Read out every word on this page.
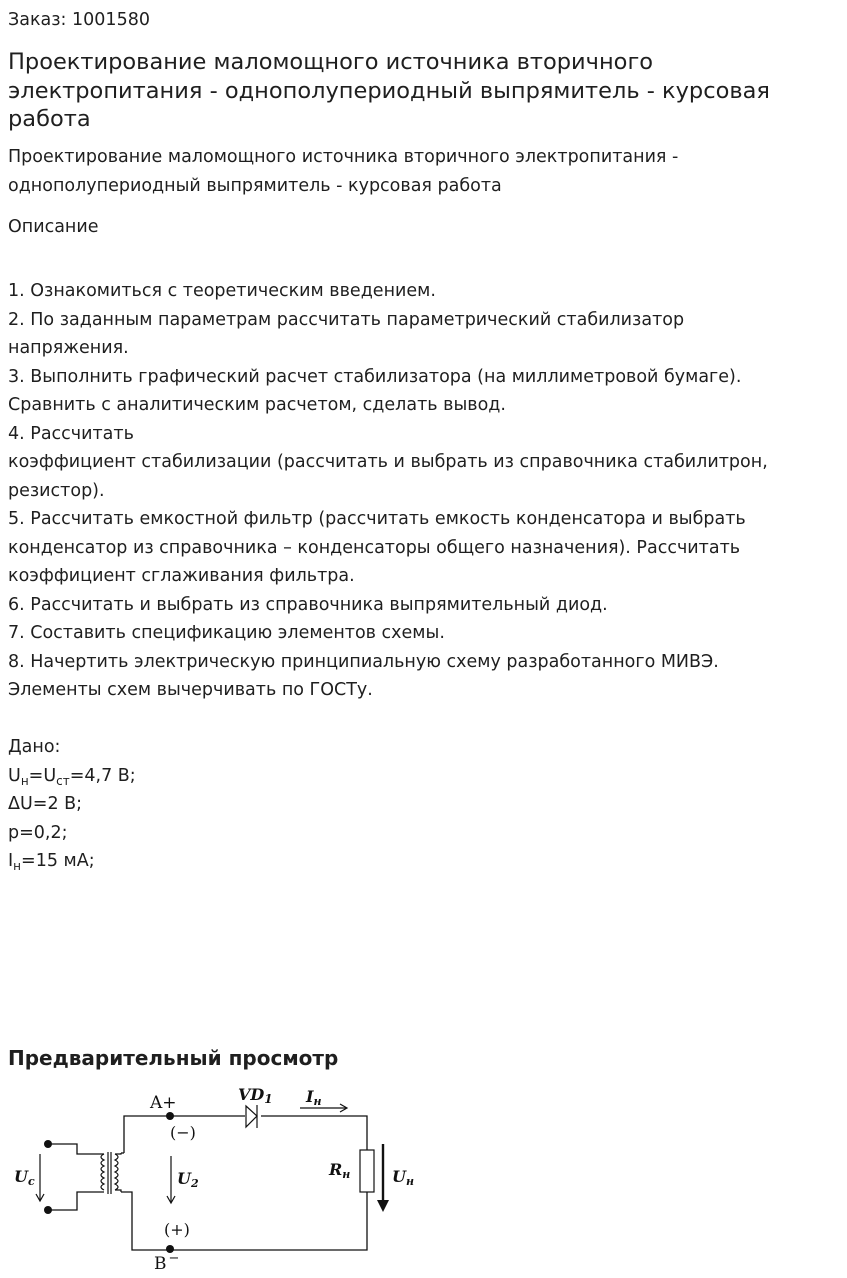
Заказ: 1001580
Проектирование маломощного источника вторичного
электропитания - однополупериодный выпрямитель - курсовая
работа
Проектирование маломощного источника вторичного электропитания -
однополупериодный выпрямитель - курсовая работа
Описание
1. Ознакомиться с теоретическим введением.
2. По заданным параметрам рассчитать параметрический стабилизатор
напряжения.
3. Выполнить графический расчет стабилизатора (на миллиметровой бумаге).
Сравнить с аналитическим расчетом, сделать вывод.
4. Рассчитать
коэффициент стабилизации (рассчитать и выбрать из справочника стабилитрон,
резистор).
5. Рассчитать емкостной фильтр (рассчитать емкость конденсатора и выбрать
конденсатор из справочника – конденсаторы общего назначения). Рассчитать
коэффициент сглаживания фильтра.
6. Рассчитать и выбрать из справочника выпрямительный диод.
7. Составить спецификацию элементов схемы.
8. Начертить электрическую принципиальную схему разработанного МИВЭ.
Элементы схем вычерчивать по ГОСТу.
Дано:
$U_н=U_{ст}=4,7$ В;
ΔU=2 В;
p=0,2;
$I_н=15$ мА;
Предварительный просмотр
A+
(−)
VD1 Iн
Uc	U2
Rн	Uн
(+)
B −
